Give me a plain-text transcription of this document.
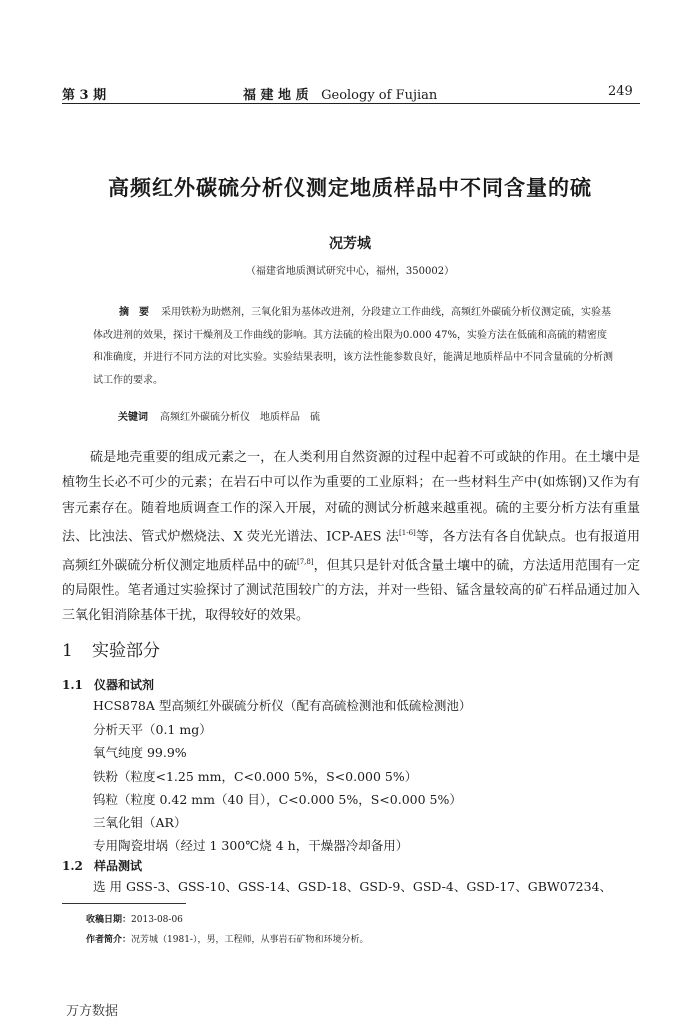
第 3 期	福 建 地 质 Geology of Fujian	249
高频红外碳硫分析仪测定地质样品中不同含量的硫
况芳城
（福建省地质测试研究中心，福州，350002）
摘　要 采用铁粉为助燃剂，三氧化钼为基体改进剂，分段建立工作曲线，高频红外碳硫分析仪测定硫，实验基体改进剂的效果，探讨干燥剂及工作曲线的影响。其方法硫的检出限为0.000 47%，实验方法在低硫和高硫的精密度和准确度，并进行不同方法的对比实验。实验结果表明，该方法性能参数良好，能满足地质样品中不同含量硫的分析测试工作的要求。
关键词 高频红外碳硫分析仪　地质样品　硫
硫是地壳重要的组成元素之一，在人类利用自然资源的过程中起着不可或缺的作用。在土壤中是植物生长必不可少的元素；在岩石中可以作为重要的工业原料；在一些材料生产中(如炼钢)又作为有害元素存在。随着地质调查工作的深入开展，对硫的测试分析越来越重视。硫的主要分析方法有重量法、比浊法、管式炉燃烧法、X 荧光光谱法、ICP-AES 法[1-6]等，各方法有各自优缺点。也有报道用高频红外碳硫分析仪测定地质样品中的硫[7,8]，但其只是针对低含量土壤中的硫，方法适用范围有一定的局限性。笔者通过实验探讨了测试范围较广的方法，并对一些铅、锰含量较高的矿石样品通过加入三氧化钼消除基体干扰，取得较好的效果。
1 实验部分
1.1 仪器和试剂
HCS878A 型高频红外碳硫分析仪（配有高硫检测池和低硫检测池）
分析天平（0.1 mg）
氧气纯度 99.9%
铁粉（粒度<1.25 mm，C<0.000 5%，S<0.000 5%）
钨粒（粒度 0.42 mm（40 目），C<0.000 5%，S<0.000 5%）
三氧化钼（AR）
专用陶瓷坩埚（经过 1 300℃烧 4 h，干燥器冷却备用）
1.2 样品测试
选 用 GSS-3、GSS-10、GSS-14、GSD-18、GSD-9、GSD-4、GSD-17、GBW07234、
收稿日期：2013-08-06
作者简介：况芳城（1981-），男，工程师，从事岩石矿物和环境分析。
万方数据
